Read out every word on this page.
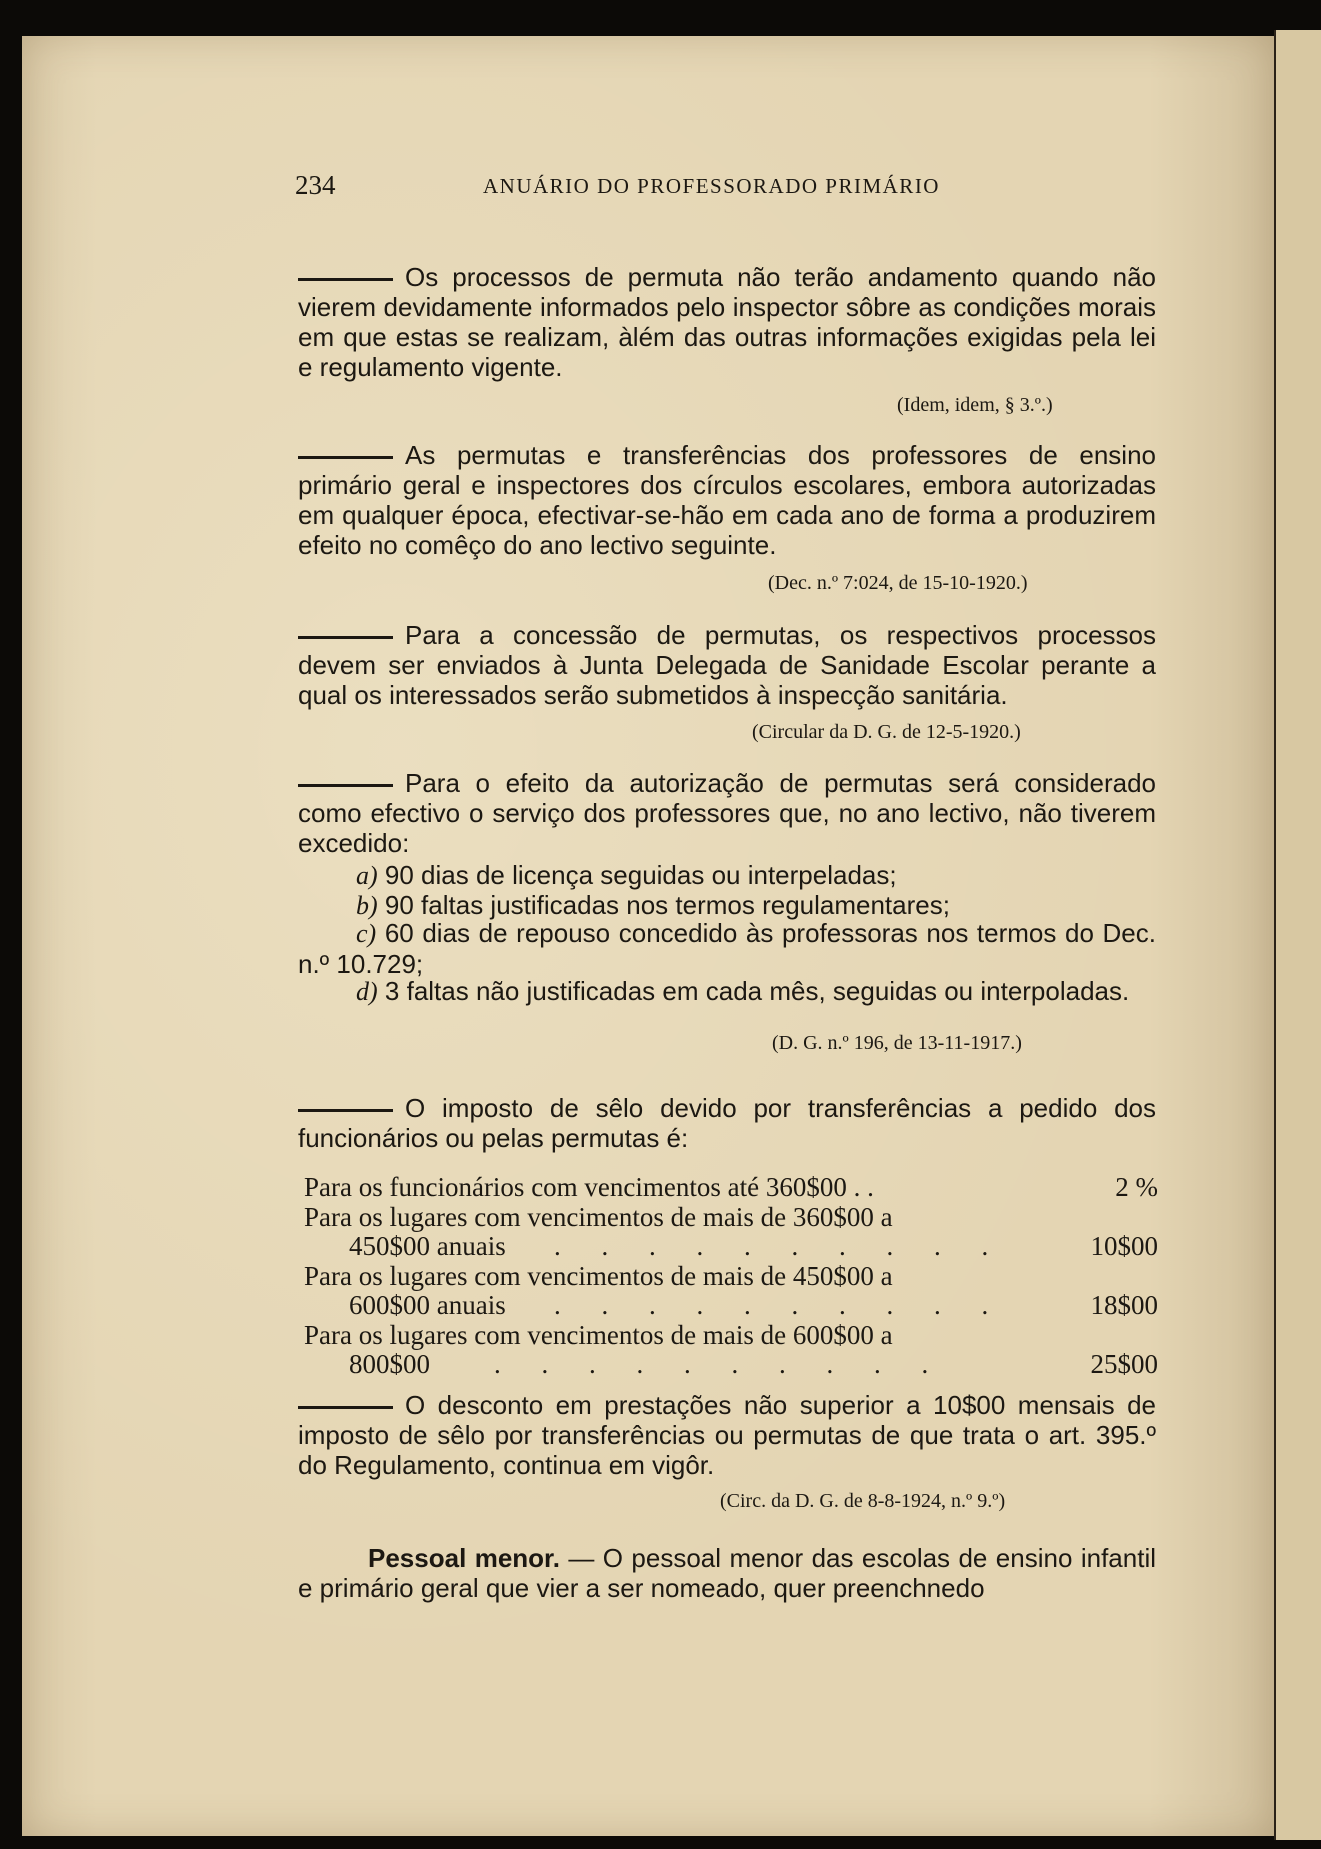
234	ANUÁRIO DO PROFESSORADO PRIMÁRIO
Os processos de permuta não terão andamento quando não vierem devidamente informados pelo inspector sôbre as condições morais em que estas se realizam, àlém das outras informações exigidas pela lei e regulamento vigente.
(Idem, idem, § 3.º.)
As permutas e transferências dos professores de ensino primário geral e inspectores dos círculos escolares, embora autorizadas em qualquer época, efectivar-se-hão em cada ano de forma a produzirem efeito no comêço do ano lectivo seguinte.
(Dec. n.º 7:024, de 15-10-1920.)
Para a concessão de permutas, os respectivos processos devem ser enviados à Junta Delegada de Sanidade Escolar perante a qual os interessados serão submetidos à inspecção sanitária.
(Circular da D. G. de 12-5-1920.)
Para o efeito da autorização de permutas será considerado como efectivo o serviço dos professores que, no ano lectivo, não tiverem excedido:
a) 90 dias de licença seguidas ou interpeladas;
b) 90 faltas justificadas nos termos regulamentares;
c) 60 dias de repouso concedido às professoras nos termos do Dec. n.º 10.729;
d) 3 faltas não justificadas em cada mês, seguidas ou interpoladas.
(D. G. n.º 196, de 13-11-1917.)
O imposto de sêlo devido por transferências a pedido dos funcionários ou pelas permutas é:
Para os funcionários com vencimentos até 360$00 . .	2 %
Para os lugares com vencimentos de mais de 360$00 a
450$00 anuais . . . . . . . . . .	10$00
Para os lugares com vencimentos de mais de 450$00 a
600$00 anuais . . . . . . . . . .	18$00
Para os lugares com vencimentos de mais de 600$00 a
800$00 . . . . . . . . . .	25$00
O desconto em prestações não superior a 10$00 mensais de imposto de sêlo por transferências ou permutas de que trata o art. 395.º do Regulamento, continua em vigôr.
(Circ. da D. G. de 8-8-1924, n.º 9.º)
Pessoal menor. — O pessoal menor das escolas de ensino infantil e primário geral que vier a ser nomeado, quer preenchnedo
